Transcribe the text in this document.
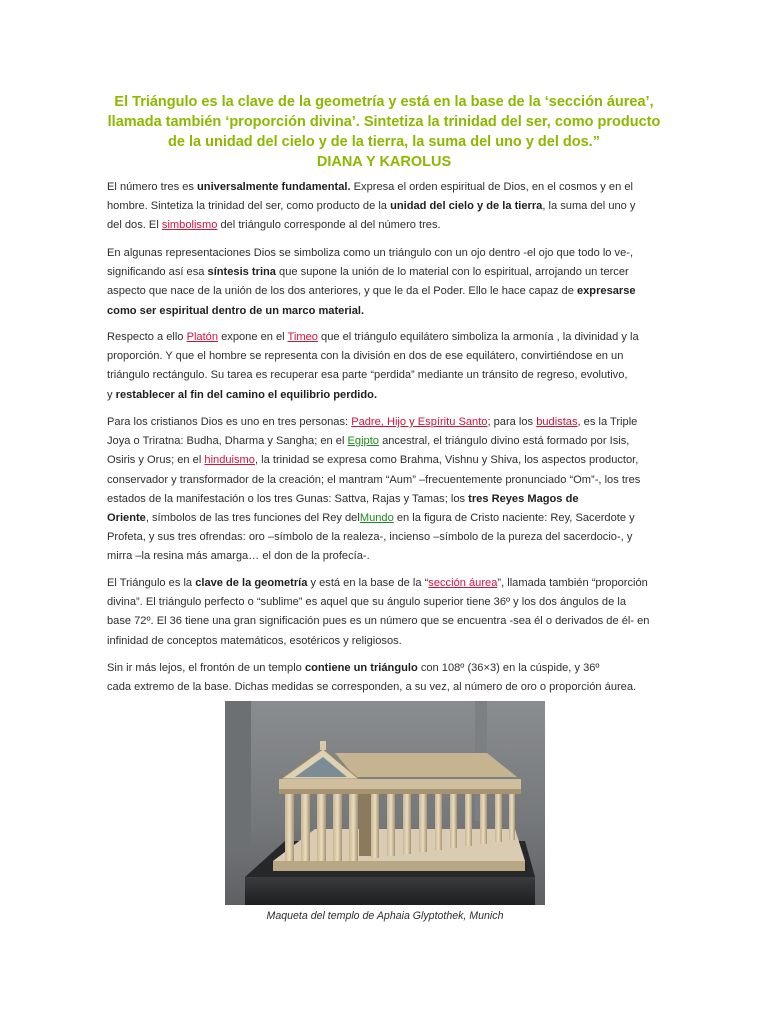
El Triángulo es la clave de la geometría y está en la base de la ‘sección áurea’,
llamada también ‘proporción divina’. Sintetiza la trinidad del ser, como producto
de la unidad del cielo y de la tierra, la suma del uno y del dos.”
DIANA Y KAROLUS
El número tres es universalmente fundamental. Expresa el orden espiritual de Dios, en el cosmos y en el
hombre. Sintetiza la trinidad del ser, como producto de la unidad del cielo y de la tierra, la suma del uno y
del dos. El simbolismo del triángulo corresponde al del número tres.
En algunas representaciones Dios se simboliza como un triángulo con un ojo dentro -el ojo que todo lo ve-,
significando así esa síntesis trina que supone la unión de lo material con lo espiritual, arrojando un tercer
aspecto que nace de la unión de los dos anteriores, y que le da el Poder. Ello le hace capaz de expresarse
como ser espiritual dentro de un marco material.
Respecto a ello Platón expone en el Timeo que el triángulo equilátero simboliza la armonía , la divinidad y la
proporción. Y que el hombre se representa con la división en dos de ese equilátero, convirtiéndose en un
triángulo rectángulo. Su tarea es recuperar esa parte “perdida” mediante un tránsito de regreso, evolutivo,
y restablecer al fin del camino el equilibrio perdido.
Para los cristianos Dios es uno en tres personas: Padre, Hijo y Espíritu Santo; para los budistas, es la Triple
Joya o Triratna: Budha, Dharma y Sangha; en el Egipto ancestral, el triángulo divino está formado por Isis,
Osiris y Orus; en el hinduismo, la trinidad se expresa como Brahma, Vishnu y Shiva, los aspectos productor,
conservador y transformador de la creación; el mantram “Aum” –frecuentemente pronunciado “Om”-, los tres
estados de la manifestación o los tres Gunas: Sattva, Rajas y Tamas; los tres Reyes Magos de
Oriente, símbolos de las tres funciones del Rey delMundo en la figura de Cristo naciente: Rey, Sacerdote y
Profeta, y sus tres ofrendas: oro –símbolo de la realeza-, incienso –símbolo de la pureza del sacerdocio-, y
mirra –la resina más amarga… el don de la profecía-.
El Triángulo es la clave de la geometría y está en la base de la “sección áurea”, llamada también “proporción
divina”. El triángulo perfecto o “sublime” es aquel que su ángulo superior tiene 36º y los dos ángulos de la
base 72º. El 36 tiene una gran significación pues es un número que se encuentra -sea él o derivados de él- en
infinidad de conceptos matemáticos, esotéricos y religiosos.
Sin ir más lejos, el frontón de un templo contiene un triángulo con 108º (36×3) en la cúspide, y 36º
cada extremo de la base. Dichas medidas se corresponden, a su vez, al número de oro o proporción áurea.
Maqueta del templo de Aphaia Glyptothek, Munich
